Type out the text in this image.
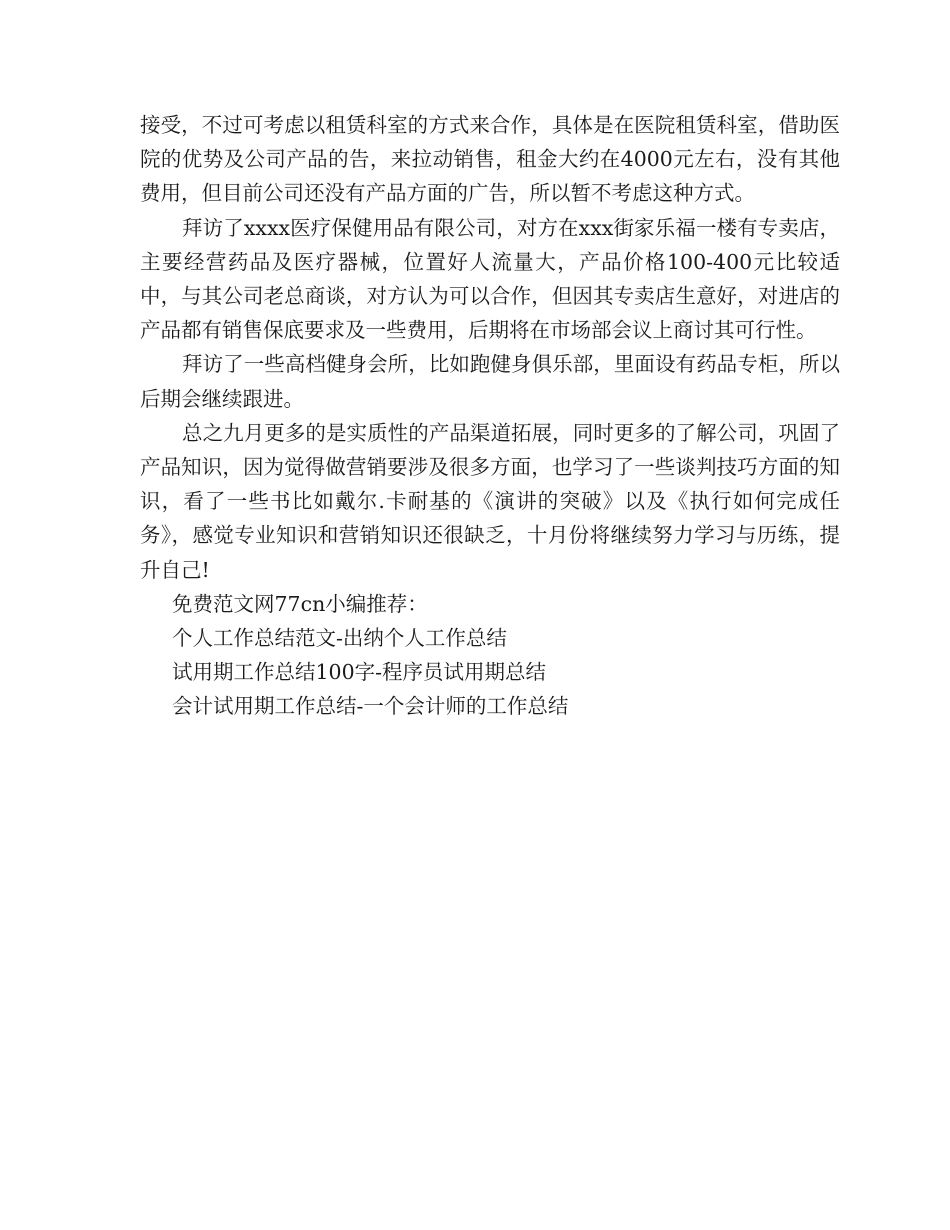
接受，不过可考虑以租赁科室的方式来合作，具体是在医院租赁科室，借助医院的优势及公司产品的告，来拉动销售，租金大约在4000元左右，没有其他费用，但目前公司还没有产品方面的广告，所以暂不考虑这种方式。

拜访了xxxx医疗保健用品有限公司，对方在xxx街家乐福一楼有专卖店，主要经营药品及医疗器械，位置好人流量大，产品价格100-400元比较适中，与其公司老总商谈，对方认为可以合作，但因其专卖店生意好，对进店的产品都有销售保底要求及一些费用，后期将在市场部会议上商讨其可行性。

拜访了一些高档健身会所，比如跑健身俱乐部，里面设有药品专柜，所以后期会继续跟进。

总之九月更多的是实质性的产品渠道拓展，同时更多的了解公司，巩固了产品知识，因为觉得做营销要涉及很多方面，也学习了一些谈判技巧方面的知识，看了一些书比如戴尔.卡耐基的《演讲的突破》以及《执行如何完成任务》，感觉专业知识和营销知识还很缺乏，十月份将继续努力学习与历练，提升自己!

免费范文网77cn小编推荐：

个人工作总结范文-出纳个人工作总结

试用期工作总结100字-程序员试用期总结

会计试用期工作总结-一个会计师的工作总结
